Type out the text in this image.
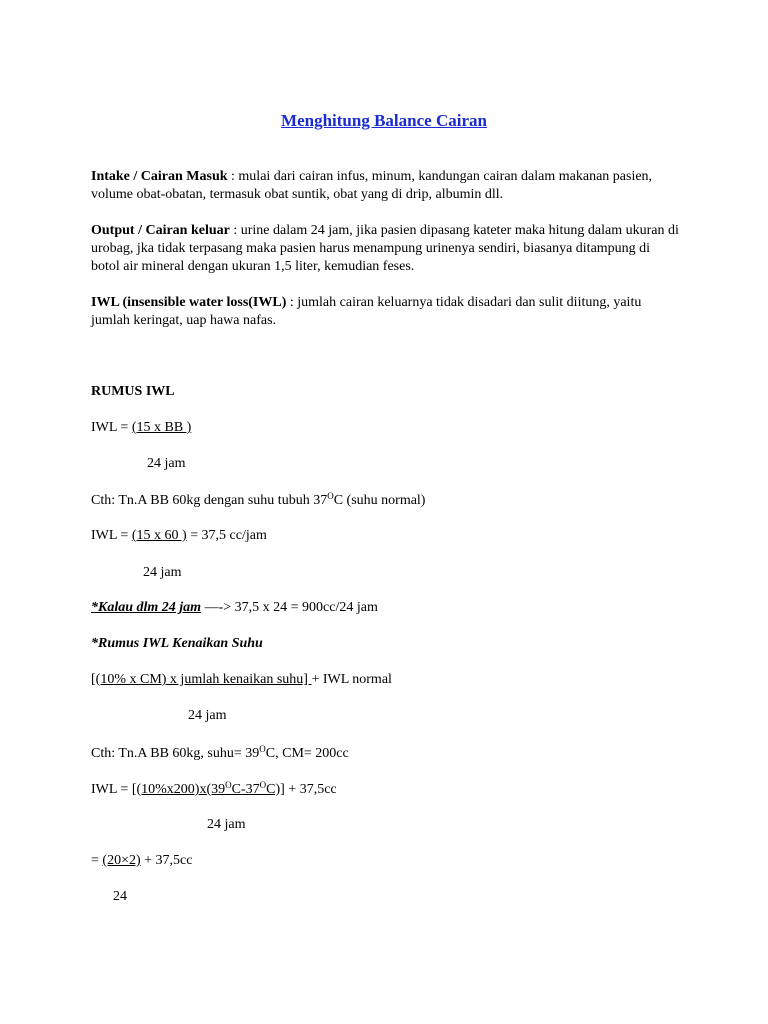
Menghitung Balance Cairan
Intake / Cairan Masuk : mulai dari cairan infus, minum, kandungan cairan dalam makanan pasien, volume obat-obatan, termasuk obat suntik, obat yang di drip, albumin dll.
Output / Cairan keluar : urine dalam 24 jam, jika pasien dipasang kateter maka hitung dalam ukuran di urobag, jka tidak terpasang maka pasien harus menampung urinenya sendiri, biasanya ditampung di botol air mineral dengan ukuran 1,5 liter, kemudian feses.
IWL (insensible water loss(IWL) : jumlah cairan keluarnya tidak disadari dan sulit diitung, yaitu jumlah keringat, uap hawa nafas.
RUMUS IWL
IWL = (15 x BB )
24 jam
Cth: Tn.A BB 60kg dengan suhu tubuh $37^OC$ (suhu normal)
IWL = (15 x 60 ) = 37,5 cc/jam
24 jam
*Kalau dlm 24 jam —-> 37,5 x 24 = 900cc/24 jam
*Rumus IWL Kenaikan Suhu
[(10% x CM) x jumlah kenaikan suhu] + IWL normal
24 jam
Cth: Tn.A BB 60kg, suhu= $39^OC$, CM= 200cc
IWL = $[(10\%x200)x(39^OC-37^OC)] + 37,5cc$
24 jam
= (20×2) + 37,5cc
24
